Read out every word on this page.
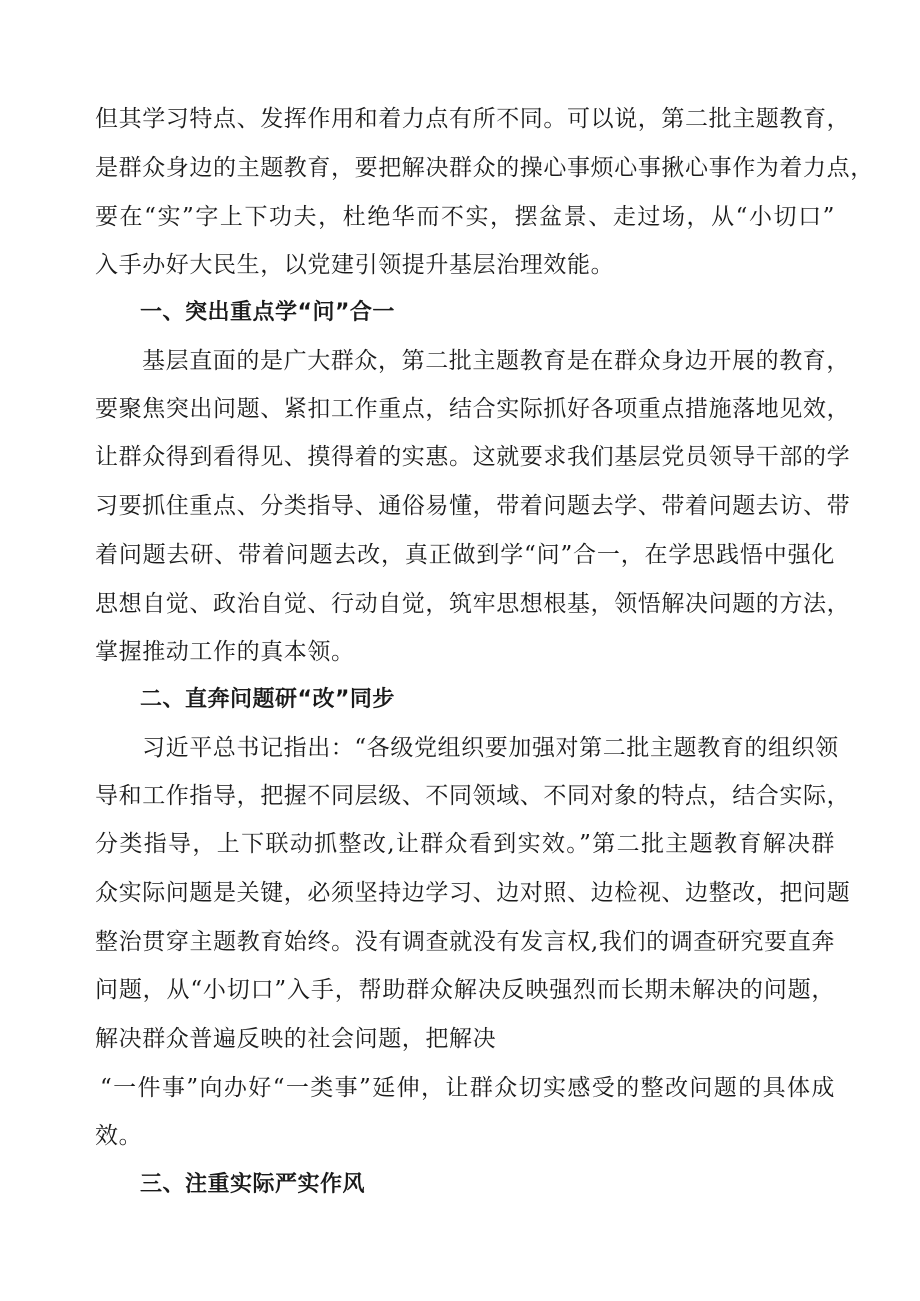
但其学习特点、发挥作用和着力点有所不同。可以说，第二批主题教育，
是群众身边的主题教育，要把解决群众的操心事烦心事揪心事作为着力点，
要在“实”字上下功夫，杜绝华而不实，摆盆景、走过场，从“小切口”
入手办好大民生，以党建引领提升基层治理效能。
一、突出重点学“问”合一
基层直面的是广大群众，第二批主题教育是在群众身边开展的教育，
要聚焦突出问题、紧扣工作重点，结合实际抓好各项重点措施落地见效，
让群众得到看得见、摸得着的实惠。这就要求我们基层党员领导干部的学
习要抓住重点、分类指导、通俗易懂，带着问题去学、带着问题去访、带
着问题去研、带着问题去改，真正做到学“问”合一，在学思践悟中强化
思想自觉、政治自觉、行动自觉，筑牢思想根基，领悟解决问题的方法，
掌握推动工作的真本领。
二、直奔问题研“改”同步
习近平总书记指出：“各级党组织要加强对第二批主题教育的组织领
导和工作指导，把握不同层级、不同领域、不同对象的特点，结合实际，
分类指导，上下联动抓整改,让群众看到实效。”第二批主题教育解决群
众实际问题是关键，必须坚持边学习、边对照、边检视、边整改，把问题
整治贯穿主题教育始终。没有调查就没有发言权,我们的调查研究要直奔
问题，从“小切口”入手，帮助群众解决反映强烈而长期未解决的问题，
解决群众普遍反映的社会问题，把解决
“一件事”向办好“一类事”延伸，让群众切实感受的整改问题的具体成
效。
三、注重实际严实作风
